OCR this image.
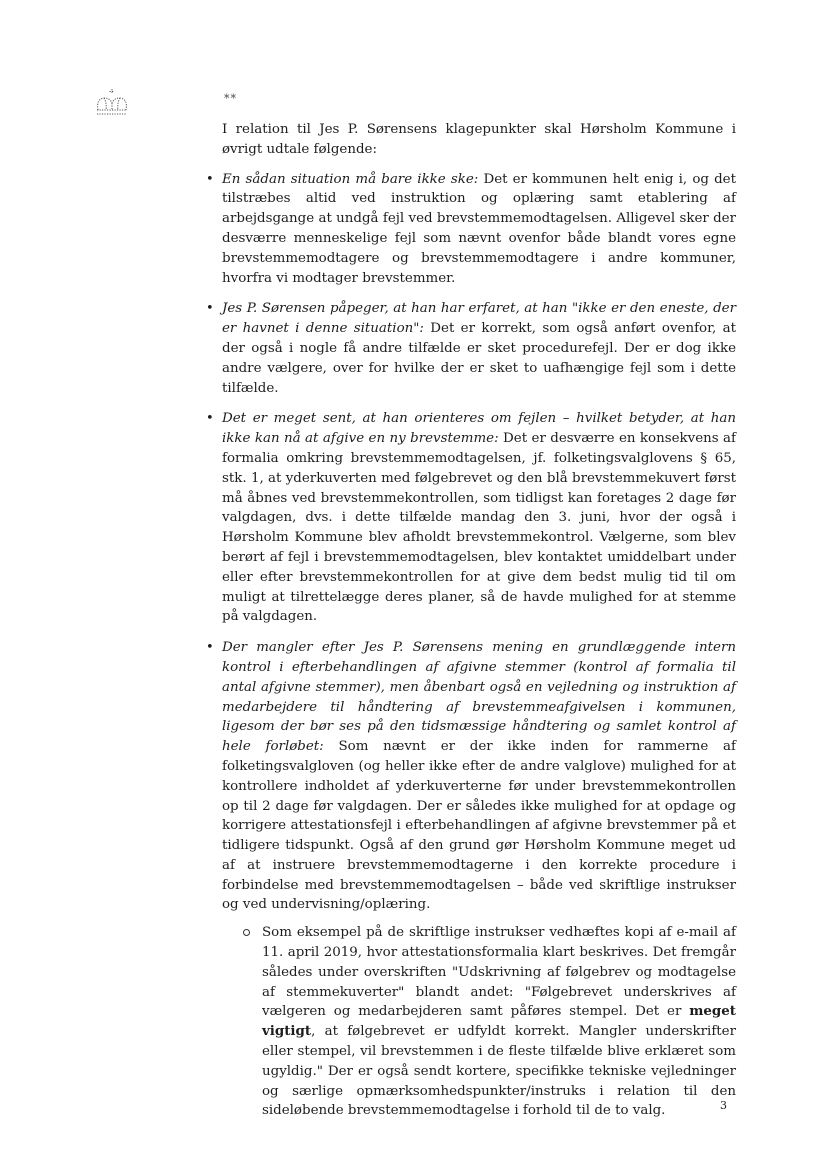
**

I relation til Jes P. Sørensens klagepunkter skal Hørsholm Kommune i øvrigt udtale følgende:

• En sådan situation må bare ikke ske: Det er kommunen helt enig i, og det tilstræbes altid ved instruktion og oplæring samt etablering af arbejdsgange at undgå fejl ved brevstemmemodtagelsen. Alligevel sker der desværre menneskelige fejl som nævnt ovenfor både blandt vores egne brevstemmemodtagere og brevstemmemodtagere i andre kommuner, hvorfra vi modtager brevstemmer.
• Jes P. Sørensen påpeger, at han har erfaret, at han "ikke er den eneste, der er havnet i denne situation": Det er korrekt, som også anført ovenfor, at der også i nogle få andre tilfælde er sket procedurefejl. Der er dog ikke andre vælgere, over for hvilke der er sket to uafhængige fejl som i dette tilfælde.
• Det er meget sent, at han orienteres om fejlen – hvilket betyder, at han ikke kan nå at afgive en ny brevstemme: Det er desværre en konsekvens af formalia omkring brevstemmemodtagelsen, jf. folketingsvalglovens § 65, stk. 1, at yderkuverten med følgebrevet og den blå brevstemmekuvert først må åbnes ved brevstemmekontrollen, som tidligst kan foretages 2 dage før valgdagen, dvs. i dette tilfælde mandag den 3. juni, hvor der også i Hørsholm Kommune blev afholdt brevstemmekontrol. Vælgerne, som blev berørt af fejl i brevstemmemodtagelsen, blev kontaktet umiddelbart under eller efter brevstemmekontrollen for at give dem bedst mulig tid til om muligt at tilrettelægge deres planer, så de havde mulighed for at stemme på valgdagen.
• Der mangler efter Jes P. Sørensens mening en grundlæggende intern kontrol i efterbehandlingen af afgivne stemmer (kontrol af formalia til antal afgivne stemmer), men åbenbart også en vejledning og instruktion af medarbejdere til håndtering af brevstemmeafgivelsen i kommunen, ligesom der bør ses på den tidsmæssige håndtering og samlet kontrol af hele forløbet: Som nævnt er der ikke inden for rammerne af folketingsvalgloven (og heller ikke efter de andre valglove) mulighed for at kontrollere indholdet af yderkuverterne før under brevstemmekontrollen op til 2 dage før valgdagen. Der er således ikke mulighed for at opdage og korrigere attestationsfejl i efterbehandlingen af afgivne brevstemmer på et tidligere tidspunkt. Også af den grund gør Hørsholm Kommune meget ud af at instruere brevstemmemodtagerne i den korrekte procedure i forbindelse med brevstemmemodtagelsen – både ved skriftlige instrukser og ved undervisning/oplæring.
Som eksempel på de skriftlige instrukser vedhæftes kopi af e-mail af 11. april 2019, hvor attestationsformalia klart beskrives. Det fremgår således under overskriften "Udskrivning af følgebrev og modtagelse af stemmekuverter" blandt andet: "Følgebrevet underskrives af vælgeren og medarbejderen samt påføres stempel. Det er meget vigtigt, at følgebrevet er udfyldt korrekt. Mangler underskrifter eller stempel, vil brevstemmen i de fleste tilfælde blive erklæret som ugyldig." Der er også sendt kortere, specifikke tekniske vejledninger og særlige opmærksomhedspunkter/instruks i relation til den sideløbende brevstemmemodtagelse i forhold til de to valg.	3
